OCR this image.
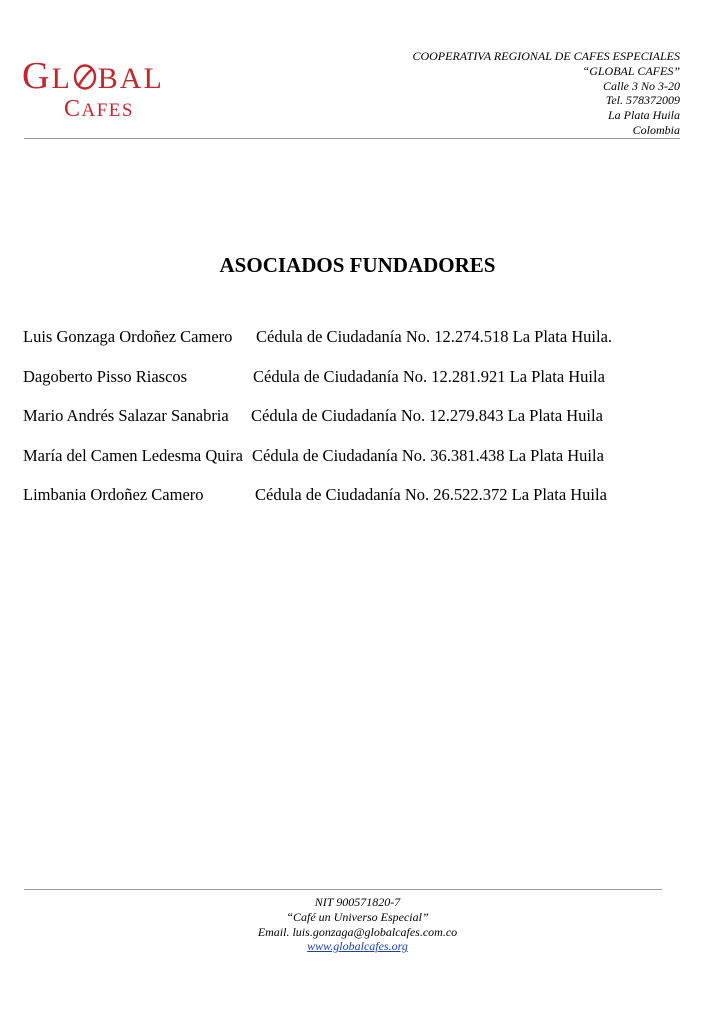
GL BAL
CAFES
COOPERATIVA REGIONAL DE CAFES ESPECIALES
“GLOBAL CAFES”
Calle 3 No 3-20
Tel. 578372009
La Plata Huila
Colombia
ASOCIADOS FUNDADORES
Luis Gonzaga Ordoñez Camero Cédula de Ciudadanía No. 12.274.518 La Plata Huila.
Dagoberto Pisso Riascos	Cédula de Ciudadanía No. 12.281.921 La Plata Huila
Mario Andrés Salazar Sanabria Cédula de Ciudadanía No. 12.279.843 La Plata Huila
María del Camen Ledesma Quira Cédula de Ciudadanía No. 36.381.438 La Plata Huila
Limbania Ordoñez Camero	Cédula de Ciudadanía No. 26.522.372 La Plata Huila
NIT 900571820-7
“Café un Universo Especial”
Email. luis.gonzaga@globalcafes.com.co
www.globalcafes.org
